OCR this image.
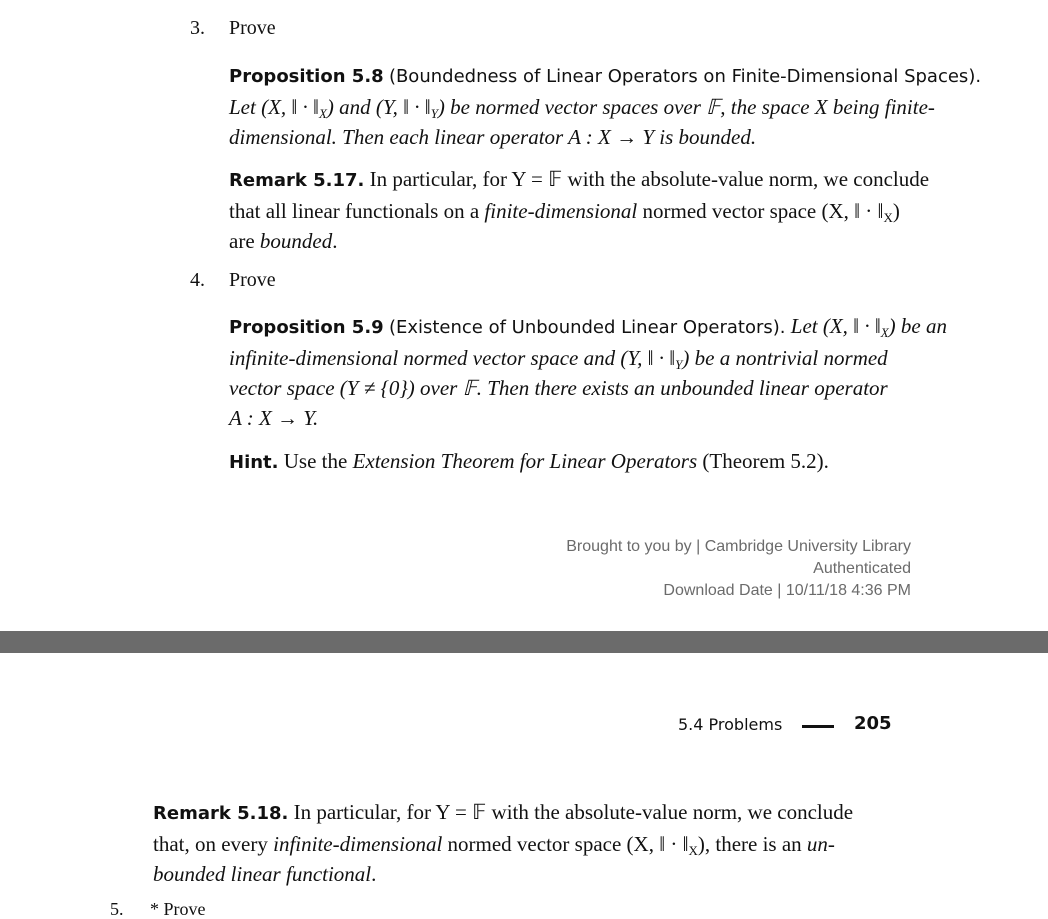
3. Prove
Proposition 5.8 (Boundedness of Linear Operators on Finite-Dimensional Spaces).
Let (X, ‖ · $‖_X$) and (Y, ‖ · $‖_Y$) be normed vector spaces over 𝔽, the space X being finite-
dimensional. Then each linear operator A : X → Y is bounded.
Remark 5.17. In particular, for Y = 𝔽 with the absolute-value norm, we conclude
that all linear functionals on a finite-dimensional normed vector space (X, ‖ · $‖_X$)
are bounded.
4. Prove
Proposition 5.9 (Existence of Unbounded Linear Operators). Let (X, ‖ · $‖_X$) be an
infinite-dimensional normed vector space and (Y, ‖ · $‖_Y$) be a nontrivial normed
vector space (Y ≠ {0}) over 𝔽. Then there exists an unbounded linear operator
A : X → Y.
Hint. Use the Extension Theorem for Linear Operators (Theorem 5.2).
Brought to you by | Cambridge University Library
Authenticated
Download Date | 10/11/18 4:36 PM
5.4 Problems	205
Remark 5.18. In particular, for Y = 𝔽 with the absolute-value norm, we conclude
that, on every infinite-dimensional normed vector space (X, ‖ · $‖_X$), there is an un-
bounded linear functional.
5. * Prove
